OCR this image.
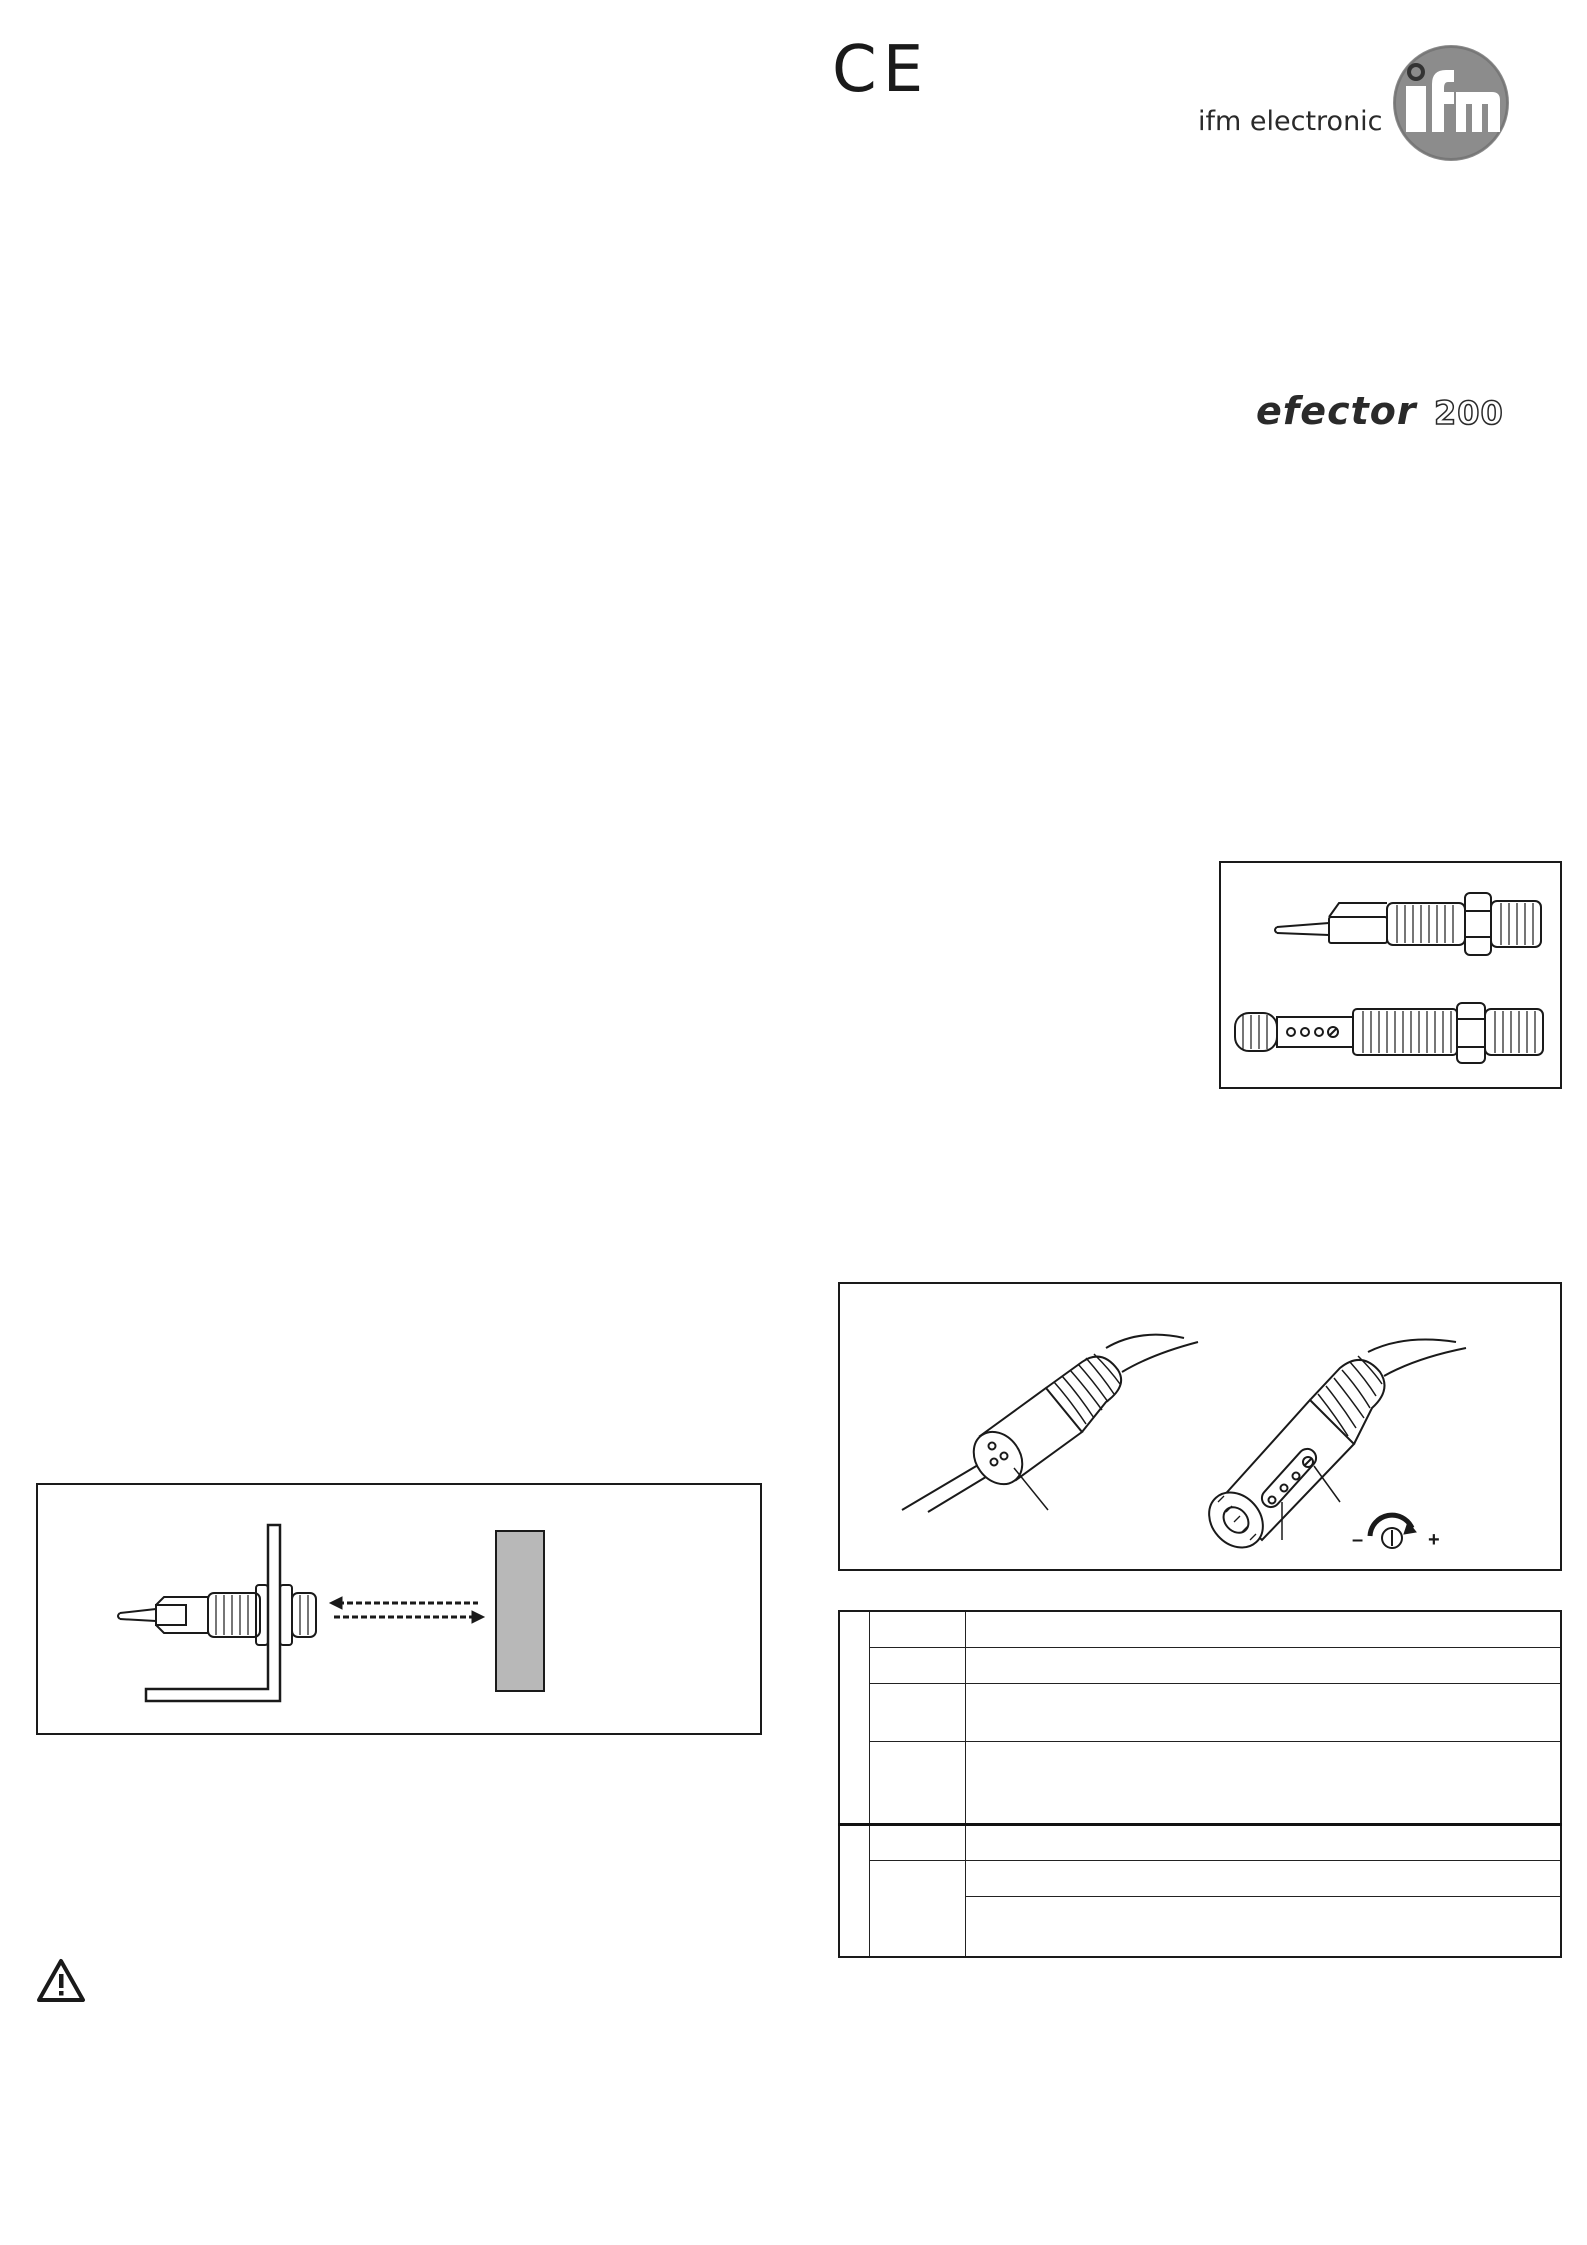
CE
ifm electronic
efector 200
–	+
